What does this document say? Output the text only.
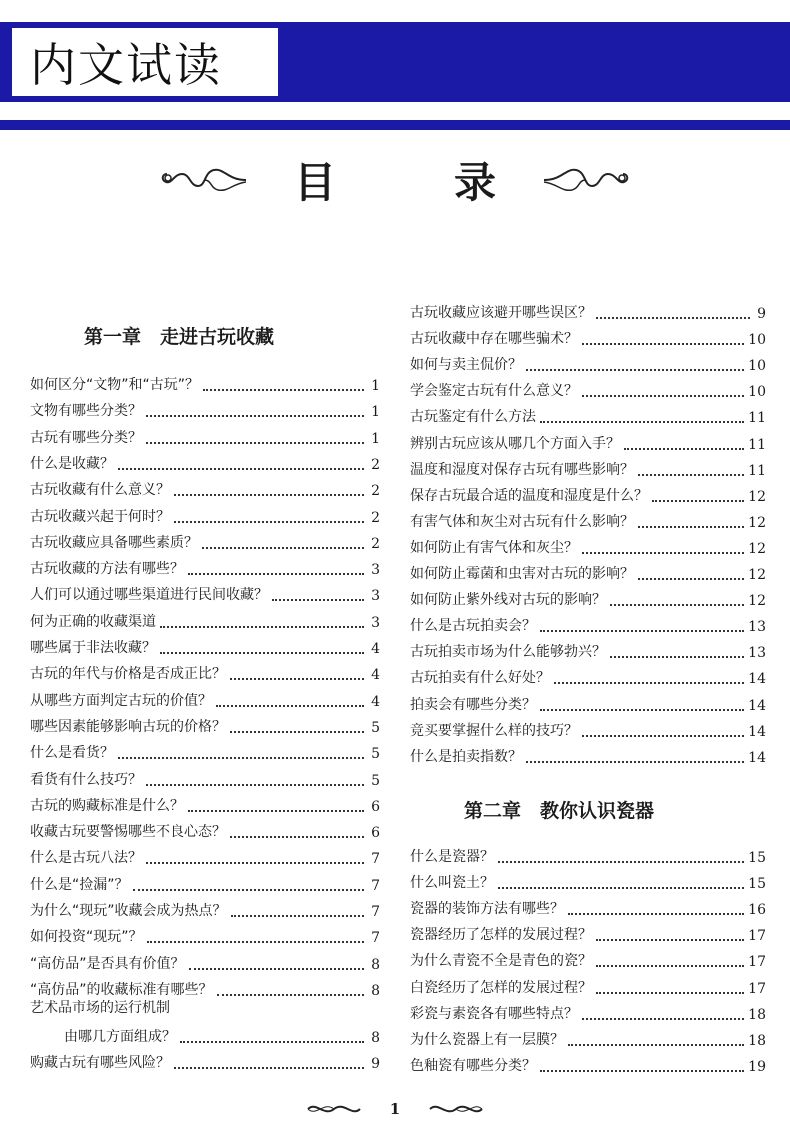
内文试读
目　录
第一章　走进古玩收藏
如何区分“文物”和“古玩”？	1
文物有哪些分类？	1
古玩有哪些分类？	1
什么是收藏？	2
古玩收藏有什么意义？	2
古玩收藏兴起于何时？	2
古玩收藏应具备哪些素质？	2
古玩收藏的方法有哪些？	3
人们可以通过哪些渠道进行民间收藏？	3
何为正确的收藏渠道	3
哪些属于非法收藏？	4
古玩的年代与价格是否成正比？	4
从哪些方面判定古玩的价值？	4
哪些因素能够影响古玩的价格？	5
什么是看货？	5
看货有什么技巧？	5
古玩的购藏标准是什么？	6
收藏古玩要警惕哪些不良心态？	6
什么是古玩八法？	7
什么是“捡漏”？	7
为什么“现玩”收藏会成为热点？	7
如何投资“现玩”？	7
“高仿品”是否具有价值？	8
“高仿品”的收藏标准有哪些？	8
艺术品市场的运行机制
由哪几方面组成？	8
购藏古玩有哪些风险？	9
古玩收藏应该避开哪些误区？	9
古玩收藏中存在哪些骗术？	10
如何与卖主侃价？	10
学会鉴定古玩有什么意义？	10
古玩鉴定有什么方法	11
辨别古玩应该从哪几个方面入手？	11
温度和湿度对保存古玩有哪些影响？	11
保存古玩最合适的温度和湿度是什么？	12
有害气体和灰尘对古玩有什么影响？	12
如何防止有害气体和灰尘？	12
如何防止霉菌和虫害对古玩的影响？	12
如何防止紫外线对古玩的影响？	12
什么是古玩拍卖会？	13
古玩拍卖市场为什么能够勃兴？	13
古玩拍卖有什么好处？	14
拍卖会有哪些分类？	14
竞买要掌握什么样的技巧？	14
什么是拍卖指数？	14
第二章　教你认识瓷器
什么是瓷器？	15
什么叫瓷土？	15
瓷器的装饰方法有哪些？	16
瓷器经历了怎样的发展过程？	17
为什么青瓷不全是青色的瓷？	17
白瓷经历了怎样的发展过程？	17
彩瓷与素瓷各有哪些特点？	18
为什么瓷器上有一层膜？	18
色釉瓷有哪些分类？	19
1
